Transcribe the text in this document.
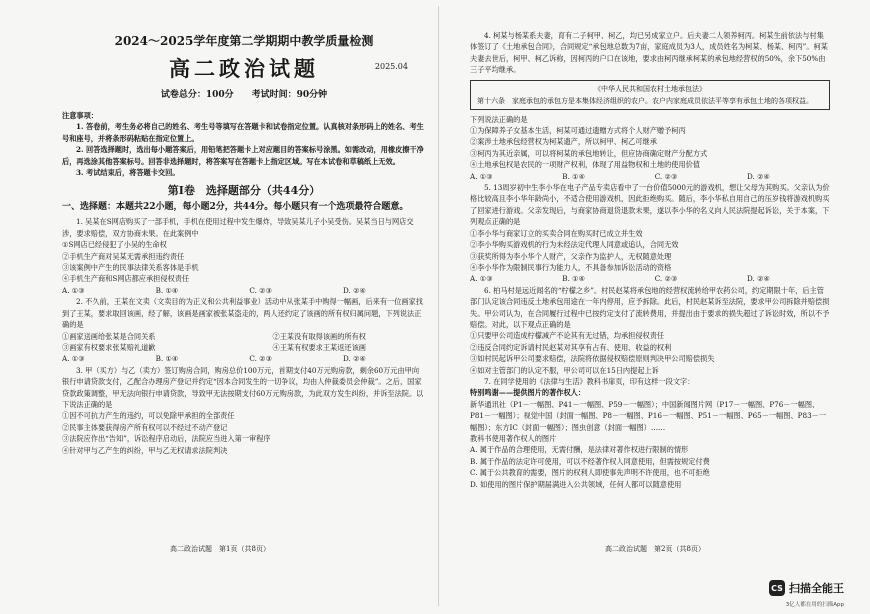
2024～2025学年度第二学期期中教学质量检测
高二政治试题	2025.04
试卷总分：100分　　考试时间：90分钟

注意事项：

1. 答卷前，考生务必将自己的姓名、考生号等填写在答题卡和试卷指定位置。认真核对条形码上的姓名、考生号和座号，并将条形码粘贴在指定位置上。

2. 回答选择题时，选出每小题答案后，用铅笔把答题卡上对应题目的答案标号涂黑。如需改动，用橡皮擦干净后，再选涂其他答案标号。回答非选择题时，将答案写在答题卡上指定区域。写在本试卷和草稿纸上无效。

3. 考试结束后，将答题卡交回。

第Ⅰ卷　选择题部分（共44分）
一、选择题：本题共22小题，每小题2分，共44分。每小题只有一个选项最符合题意。

1. 吴某在S网店购买了一部手机，手机在使用过程中发生爆炸，导致吴某儿子小吴受伤。吴某当日与网店交涉，要求赔偿，双方协商未果。在此案例中

①S网店已经侵犯了小吴的生命权

②手机生产商对吴某无需承担违约责任

③该案例中产生的民事法律关系客体是手机

④手机生产商和S网店都应承担侵权责任

A. ①③	B. ①④	C. ②③	D. ②④

2. 不久前，王某在文卖（文卖目的为正义和公共利益事业）活动中从张某手中购得一幅画，后来有一位画家找到了王某，要求取回该画，经了解，该画是画家被张某盗走的，两人还约定了该画的所有权归属问题，下列说法正确的是

①画家送画给张某是合同关系	②王某没有取得该画的所有权
③画家有权要求张某赔礼道歉	④王某有权要求王某返还该画
A. ①③	B. ①④	C. ②③	D. ②④

3. 甲（买方）与乙（卖方）签订购房合同，购房总价100万元，首期支付40万元购房款，剩余60万元由甲向银行申请贷款支付，乙配合办理房产登记并约定“因本合同发生的一切争议，均由人仲裁委员会仲裁”。之后，国家贷款政策调整，甲无法向银行申请贷款，导致甲无法按期支付60万元购房款，为此双方发生纠纷，并诉至法院。以下说法正确的是

①因不可抗力产生的违约，可以免除甲承担的全部责任

②民事主体要获得房产所有权可以不经过不动产登记

③法院应作出“告知”，诉讼程序启动后，法院应当进入第一审程序

④针对甲与乙产生的纠纷，甲与乙无权请求法院判决

高二政治试题　第1页（共8页）

4. 柯某与杨某系夫妻，育有二子柯甲、柯乙，均已另成家立户。后夫妻二人领养柯丙。柯某生前依法与村集体签订了《土地承包合同》，合同规定“承包地总数为7亩，家庭成员为3人，成员姓名为柯某、杨某、柯丙”。柯某夫妻去世后，柯甲、柯乙诉称，因柯丙的户口在该地，要求由柯丙继承柯某的承包地经营权的50%，余下50%由三子平均继承。

《中华人民共和国农村土地承包法》
第十六条　家庭承包的承包方是本集体经济组织的农户。农户内家庭成员依法平等享有承包土地的各项权益。

下列说法正确的是

①为保障养子女基本生活，柯某可通过遗赠方式将个人财产赠予柯丙

②案涉土地承包经营权为柯某遗产，所以柯甲、柯乙可继承

③柯丙为其近亲属，可以将柯某的承包地转让，但应协商确定财产分配方式

④土地承包权是农民的一项财产权利，体现了用益物权和土地的使用价值

A. ①③	B. ①④	C. ②③	D. ②④

5. 13周岁初中生李小华在电子产品专卖店看中了一台价值5000元的游戏机，想让父母为其购买。父亲认为价格比较高且李小华年龄尚小，不适合使用游戏机，因此拒绝购买。随后，李小华私自用自己的压岁钱将游戏机购买了回家进行游戏。父亲发现后，与商家协商退货退款未果，遂以李小华的名义向人民法院提起诉讼，关于本案，下列观点正确的是

①李小华与商家订立的买卖合同在购买时已成立并生效

②李小华购买游戏机的行为未经法定代理人同意或追认，合同无效

③获奖所得为李小华个人财产，父亲作为监护人，无权随意处理

④李小华作为限制民事行为能力人，不具备参加诉讼活动的资格

A. ①③	B. ①④	C. ②③	D. ②④

6. 柏马村是远近闻名的“柠檬之乡”。村民赵某将承包地的经营权流转给甲农药公司，约定期限十年，后主管部门认定该合同违反土地承包用途在一年内停用，应予拆除。此后，村民赵某诉至法院，要求甲公司拆除并赔偿损失。甲公司认为，在合同履行过程中已按约定支付了流转费用，并提出由于要求的损失超过了诉讼时效，所以不予赔偿。对此，以下观点正确的是

①只要甲公司造成柠檬减产不论其有无过错，均承担侵权责任

②违反合同约定诉请村民赵某对其享有占有、使用、收益的权利

③如村民起诉甲公司要求赔偿，法院将依据侵权赔偿原则判决甲公司赔偿损失

④如对主管部门的认定不服，甲公司可以在15日内提起上诉

7. 在同学使用的《法律与生活》教科书扉页，印有这样一段文字：

特别鸣谢——提供图片的著作权人：

新华通讯社（P1－一幅图、P41－一幅图、P59－一幅图）；中国新闻图片网（P17－一幅图、P76－一幅图、P81－一幅图）；视觉中国（封面一幅图、P8－一幅图、P16－一幅图、P51－一幅图、P65－一幅图、P83－一幅图）；东方IC（封面一幅图）；图虫创意（封面一幅图）……

教科书使用著作权人的图片

A. 属于作品的合理使用，无需付酬，是法律对著作权进行限制的情形

B. 属于作品的法定许可使用，可以不经著作权人同意使用，但需按规定付费

C. 属于公共教育的需要，图片的权利人即使事先声明不许使用，也不可拒绝

D. 如使用的图片保护期届满进入公共领域，任何人都可以随意使用

高二政治试题　第2页（共8页）
CS 扫描全能王
3亿人都在用的扫描App
